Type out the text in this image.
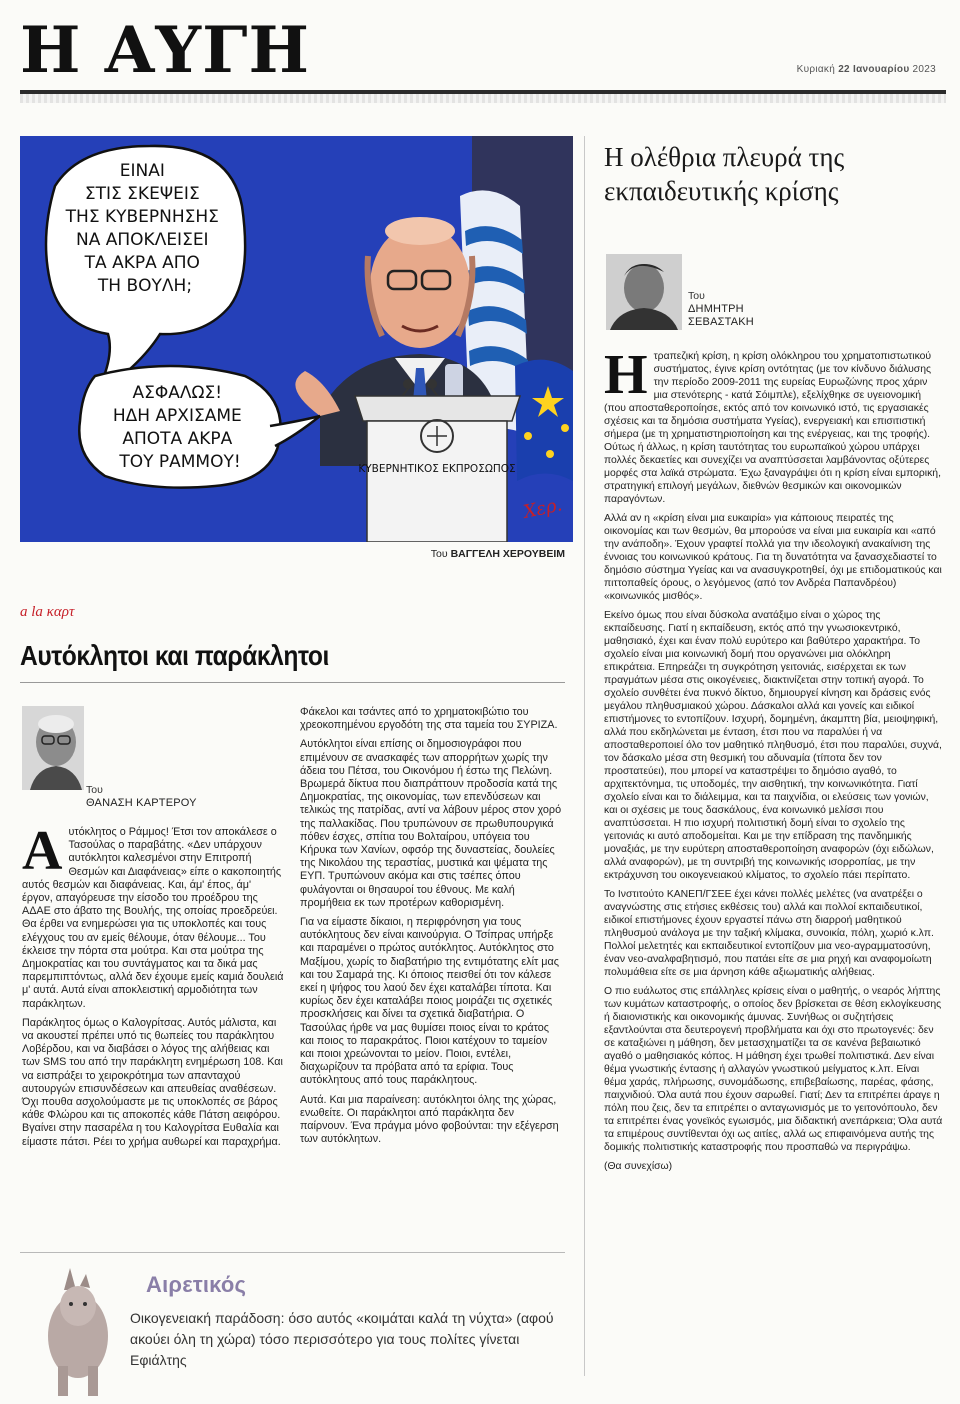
Η ΑΥΓΗ	Κυριακή 22 Ιανουαρίου 2023
ΚΥΒΕΡΝΗΤΙΚΟΣ ΕΚΠΡΟΣΩΠΟΣ
Χερ.
ΕΙΝΑΙ ΣΤΙΣ ΣΚΕΨΕΙΣ ΤΗΣ ΚΥΒΕΡΝΗΣΗΣ ΝΑ ΑΠΟΚΛΕΙΣΕΙ ΤΑ ΑΚΡΑ ΑΠΟ ΤΗ ΒΟΥΛΗ;
ΑΣΦΑΛΩΣ! ΗΔΗ ΑΡΧΙΣΑΜΕ ΑΠΟΤΑ ΑΚΡΑ ΤΟΥ ΡΑΜΜΟΥ!
Του ΒΑΓΓΕΛΗ ΧΕΡΟΥΒΕΙΜ
a la καρτ
Αυτόκλητοι και παράκλητοι
Του
ΘΑΝΑΣΗ ΚΑΡΤΕΡΟΥ

Αυτόκλητος ο Ράμμος! Έτσι τον αποκάλεσε ο Τασούλας ο παραβάτης. «Δεν υπάρχουν αυτόκλητοι καλεσμένοι στην Επιτροπή Θεσμών και Διαφάνειας» είπε ο κακοποιητής αυτός θεσμών και διαφάνειας. Και, άμ' έπος, άμ' έργον, απαγόρευσε την είσοδο του προέδρου της ΑΔΑΕ στο άβατο της Βουλής, της οποίας προεδρεύει. Θα έρθει να ενημερώσει για τις υποκλοπές και τους ελέγχους του αν εμείς θέλουμε, όταν θέλουμε... Του έκλεισε την πόρτα στα μούτρα. Και στα μούτρα της Δημοκρατίας και του συντάγματος και τα δικά μας παρεμπιπτόντως, αλλά δεν έχουμε εμείς καμιά δουλειά μ' αυτά. Αυτά είναι αποκλειστική αρμοδιότητα των παράκλητων.

Παράκλητος όμως ο Καλογρίτσας. Αυτός μάλιστα, και να ακουστεί πρέπει υπό τις θωπείες του παράκλητου Λοβέρδου, και να διαβάσει ο λόγος της αλήθειας και των SMS του από την παράκλητη ενημέρωση 108. Και να εισπράξει το χειροκρότημα των απανταχού αυτουργών επισυνδέσεων και απευθείας αναθέσεων. Όχι πουθα ασχολούμαστε με τις υποκλοπές σε βάρος κάθε Φλώρου και τις αποκοπές κάθε Πάτση αειφόρου. Βγαίνει στην πασαρέλα η του Καλογρίτσα Ευθαλία και είμαστε πάτσι. Ρέει το χρήμα αυθωρεί και παραχρήμα.

Φάκελοι και τσάντες από το χρηματοκιβώτιο του χρεοκοπημένου εργοδότη της στα ταμεία του ΣΥΡΙΖΑ.

Αυτόκλητοι είναι επίσης οι δημοσιογράφοι που επιμένουν σε ανασκαφές των απορρήτων χωρίς την άδεια του Πέτσα, του Οικονόμου ή έστω της Πελώνη. Βρωμερά δίκτυα που διαπράττουν προδοσία κατά της Δημοκρατίας, της οικονομίας, των επενδύσεων και τελικώς της πατρίδας, αντί να λάβουν μέρος στον χορό της παλλακίδας. Που τρυπώνουν σε πρωθυπουργικά πόθεν έσχες, σπίτια του Βολταίρου, υπόγεια του Κήρυκα των Χανίων, οφσόρ της δυναστείας, δουλείες της Νικολάου της τεραστίας, μυστικά και ψέματα της ΕΥΠ. Τρυπώνουν ακόμα και στις τσέπες όπου φυλάγονται οι θησαυροί του έθνους. Με καλή προμήθεια εκ των προτέρων καθορισμένη.

Για να είμαστε δίκαιοι, η περιφρόνηση για τους αυτόκλητους δεν είναι καινούργια. Ο Τσίπρας υπήρξε και παραμένει ο πρώτος αυτόκλητος. Αυτόκλητος στο Μαξίμου, χωρίς το διαβατήριο της εντιμότατης ελίτ μας και του Σαμαρά της. Κι όποιος πεισθεί ότι τον κάλεσε εκεί η ψήφος του λαού δεν έχει καταλάβει τίποτα. Και κυρίως δεν έχει καταλάβει ποιος μοιράζει τις σχετικές προσκλήσεις και δίνει τα σχετικά διαβατήρια. Ο Τασούλας ήρθε να μας θυμίσει ποιος είναι το κράτος και ποιος το παρακράτος. Ποιοι κατέχουν το ταμείον και ποιοι χρεώνονται το μείον. Ποιοι, εντέλει, διαχωρίζουν τα πρόβατα από τα ερίφια. Τους αυτόκλητους από τους παράκλητους.

Αυτά. Και μια παραίνεση: αυτόκλητοι όλης της χώρας, ενωθείτε. Οι παράκλητοι από παράκλητα δεν παίρνουν. Ένα πράγμα μόνο φοβούνται: την εξέγερση των αυτόκλητων.

Η ολέθρια πλευρά της εκπαιδευτικής κρίσης
Του
ΔΗΜΗΤΡΗ
ΣΕΒΑΣΤΑΚΗ

Ητραπεζική κρίση, η κρίση ολόκληρου του χρηματοπιστωτικού συστήματος, έγινε κρίση οντότητας (με τον κίνδυνο διάλυσης την περίοδο 2009-2011 της ευρείας Ευρωζώνης προς χάριν μια στενότερης - κατά Σόιμπλε), εξελίχθηκε σε υγειονομική (που αποσταθεροποίησε, εκτός από τον κοινωνικό ιστό, τις εργασιακές σχέσεις και τα δημόσια συστήματα Υγείας), ενεργειακή και επισιτιστική σήμερα (με τη χρηματιστηριοποίηση και της ενέργειας, και της τροφής). Ούτως ή άλλως, η κρίση ταυτότητας του ευρωπαϊκού χώρου υπάρχει πολλές δεκαετίες και συνεχίζει να αναπτύσσεται λαμβάνοντας οξύτερες μορφές στα λαϊκά στρώματα. Έχω ξαναγράψει ότι η κρίση είναι εμπορική, στρατηγική επιλογή μεγάλων, διεθνών θεσμικών και οικονομικών παραγόντων.

Αλλά αν η «κρίση είναι μια ευκαιρία» για κάποιους πειρατές της οικονομίας και των θεσμών, θα μπορούσε να είναι μια ευκαιρία και «από την ανάποδη». Έχουν γραφτεί πολλά για την ιδεολογική ανακαίνιση της έννοιας του κοινωνικού κράτους. Για τη δυνατότητα να ξανασχεδιαστεί το δημόσιο σύστημα Υγείας και να ανασυγκροτηθεί, όχι με επιδοματικούς και πιττοπαθείς όρους, ο λεγόμενος (από τον Ανδρέα Παπανδρέου) «κοινωνικός μισθός».

Εκείνο όμως που είναι δύσκολα ανατάξιμο είναι ο χώρος της εκπαίδευσης. Γιατί η εκπαίδευση, εκτός από την γνωσιοκεντρικό, μαθησιακό, έχει και έναν πολύ ευρύτερο και βαθύτερο χαρακτήρα. Το σχολείο είναι μια κοινωνική δομή που οργανώνει μια ολόκληρη επικράτεια. Επηρεάζει τη συγκρότηση γειτονιάς, εισέρχεται εκ των πραγμάτων μέσα στις οικογένειες, διακτινίζεται στην τοπική αγορά. Το σχολείο συνθέτει ένα πυκνό δίκτυο, δημιουργεί κίνηση και δράσεις ενός μεγάλου πληθυσμιακού χώρου. Δάσκαλοι αλλά και γονείς και ειδικοί επιστήμονες το εντοπίζουν. Ισχυρή, δομημένη, άκαμπτη βία, μειοψηφική, αλλά που εκδηλώνεται με ένταση, έτσι που να παραλύει ή να αποσταθεροποιεί όλο τον μαθητικό πληθυσμό, έτσι που παραλύει, συχνά, τον δάσκαλο μέσα στη θεσμική του αδυναμία (τίποτα δεν τον προστατεύει), που μπορεί να καταστρέψει το δημόσιο αγαθό, το αρχιτεκτόνημα, τις υποδομές, την αισθητική, την κοινωνικότητα. Γιατί σχολείο είναι και το διάλειμμα, και τα παιχνίδια, οι ελεύσεις των γονιών, και οι σχέσεις με τους δασκάλους, ένα κοινωνικό μελίσσι που αναπτύσσεται. Η πιο ισχυρή πολιτιστική δομή είναι το σχολείο της γειτονιάς κι αυτό αποδομείται. Και με την επίδραση της πανδημικής μοναξιάς, με την ευρύτερη αποσταθεροποίηση αναφορών (όχι ειδώλων, αλλά αναφορών), με τη συντριβή της κοινωνικής ισορροπίας, με την εκτράχυνση του οικογενειακού κλίματος, το σχολείο πάει περίπατο.

Το Ινστιτούτο ΚΑΝΕΠ/ΓΣΕΕ έχει κάνει πολλές μελέτες (να ανατρέξει ο αναγνώστης στις ετήσιες εκθέσεις του) αλλά και πολλοί εκπαιδευτικοί, ειδικοί επιστήμονες έχουν εργαστεί πάνω στη διαρροή μαθητικού πληθυσμού ανάλογα με την ταξική κλίμακα, συνοικία, πόλη, χωριό κ.λπ. Πολλοί μελετητές και εκπαιδευτικοί εντοπίζουν μια νεο-αγραμματοσύνη, έναν νεο-αναλφαβητισμό, που πατάει είτε σε μια ρηχή και αναφομοίωτη πολυμάθεια είτε σε μια άρνηση κάθε αξιωματικής αλήθειας.

Ο πιο ευάλωτος στις επάλληλες κρίσεις είναι ο μαθητής, ο νεαρός λήπτης των κυμάτων καταστροφής, ο οποίος δεν βρίσκεται σε θέση εκλογίκευσης ή διαιονιστικής και οικονομικής άμυνας. Συνήθως οι συζητήσεις εξαντλούνται στα δευτερογενή προβλήματα και όχι στο πρωτογενές: δεν σε καταξιώνει η μάθηση, δεν μετασχηματίζει τα σε κανένα βεβαιωτικό αγαθό ο μαθησιακός κόπος. Η μάθηση έχει τρωθεί πολιτιστικά. Δεν είναι θέμα γνωστικής έντασης ή αλλαγών γνωστικού μείγματος κ.λπ. Είναι θέμα χαράς, πλήρωσης, συνομάδωσης, επιβεβαίωσης, παρέας, φάσης, παιχνιδιού. Όλα αυτά που έχουν σαρωθεί. Γιατί; Δεν τα επιτρέπει άραγε η πόλη που ζεις, δεν τα επιτρέπει ο ανταγωνισμός με το γειτονόπουλο, δεν τα επιτρέπει ένας γονεϊκός εγωισμός, μια διδακτική ανεπάρκεια; Όλα αυτά τα επιμέρους συντίθενται όχι ως αιτίες, αλλά ως επιφαινόμενα αυτής της δομικής πολιτιστικής καταστροφής που προσπαθώ να περιγράψω.

(Θα συνεχίσω)

Αιρετικός
Οικογενειακή παράδοση: όσο αυτός «κοιμάται καλά τη νύχτα» (αφού ακούει όλη τη χώρα) τόσο περισσότερο για τους πολίτες γίνεται Εφιάλτης
